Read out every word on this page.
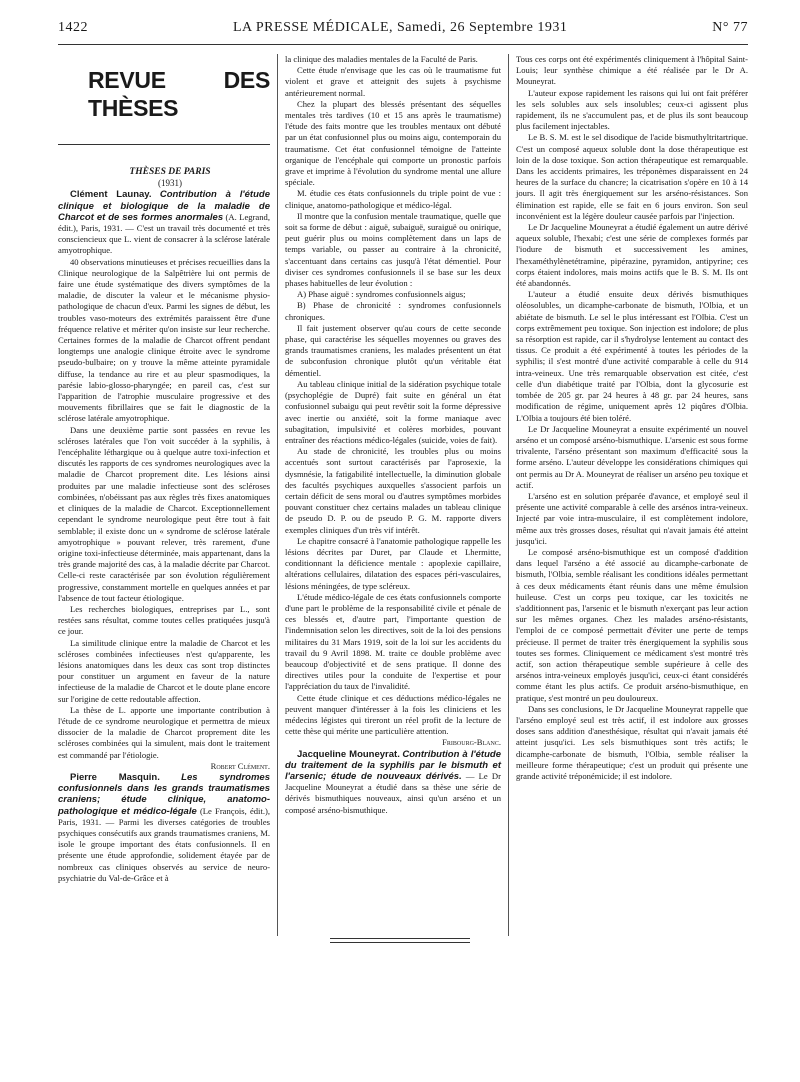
1422	LA PRESSE MÉDICALE, Samedi, 26 Septembre 1931	N° 77
REVUE DES THÈSES

THÈSES DE PARIS

(1931)

Clément Launay. Contribution à l'étude clinique et biologique de la maladie de Charcot et de ses formes anormales (A. Legrand, édit.), Paris, 1931. — C'est un travail très documenté et très consciencieux que L. vient de consacrer à la sclérose latérale amyotrophique.

40 observations minutieuses et précises recueillies dans la Clinique neurologique de la Salpêtrière lui ont permis de faire une étude systématique des divers symptômes de la maladie, de discuter la valeur et le mécanisme physio-pathologique de chacun d'eux. Parmi les signes de début, les troubles vaso-moteurs des extrémités paraissent être d'une fréquence relative et mériter qu'on insiste sur leur recherche. Certaines formes de la maladie de Charcot offrent pendant longtemps une analogie clinique étroite avec le syndrome pseudo-bulbaire; on y trouve la même atteinte pyramidale diffuse, la tendance au rire et au pleur spasmodiques, la parésie labio-glosso-pharyngée; en pareil cas, c'est sur l'apparition de l'atrophie musculaire progressive et des mouvements fibrillaires que se fait le diagnostic de la sclérose latérale amyotrophique.

Dans une deuxième partie sont passées en revue les scléroses latérales que l'on voit succéder à la syphilis, à l'encéphalite léthargique ou à quelque autre toxi-infection et discutés les rapports de ces syndromes neurologiques avec la maladie de Charcot proprement dite. Les lésions ainsi produites par une maladie infectieuse sont des scléroses combinées, n'obéissant pas aux règles très fixes anatomiques et cliniques de la maladie de Charcot. Exceptionnellement cependant le syndrome neurologique peut être tout à fait semblable; il existe donc un « syndrome de sclérose latérale amyotrophique » pouvant relever, très rarement, d'une origine toxi-infectieuse déterminée, mais appartenant, dans la très grande majorité des cas, à la maladie décrite par Charcot. Celle-ci reste caractérisée par son évolution régulièrement progressive, constamment mortelle en quelques années et par l'absence de tout facteur étiologique.

Les recherches biologiques, entreprises par L., sont restées sans résultat, comme toutes celles pratiquées jusqu'à ce jour.

La similitude clinique entre la maladie de Charcot et les scléroses combinées infectieuses n'est qu'apparente, les lésions anatomiques dans les deux cas sont trop distinctes pour constituer un argument en faveur de la nature infectieuse de la maladie de Charcot et le doute plane encore sur l'origine de cette redoutable affection.

La thèse de L. apporte une importante contribution à l'étude de ce syndrome neurologique et permettra de mieux dissocier de la maladie de Charcot proprement dite les scléroses combinées qui la simulent, mais dont le traitement est commandé par l'étiologie.

Robert Clément.

Pierre Masquin. Les syndromes confusionnels dans les grands traumatismes craniens; étude clinique, anatomo-pathologique et médico-légale (Le François, édit.), Paris, 1931. — Parmi les diverses catégories de troubles psychiques consécutifs aux grands traumatismes craniens, M. isole le groupe important des états confusionnels. Il en présente une étude approfondie, solidement étayée par de nombreux cas cliniques observés au service de neuro-psychiatrie du Val-de-Grâce et à

la clinique des maladies mentales de la Faculté de Paris.

Cette étude n'envisage que les cas où le traumatisme fut violent et grave et atteignit des sujets à psychisme antérieurement normal.

Chez la plupart des blessés présentant des séquelles mentales très tardives (10 et 15 ans après le traumatisme) l'étude des faits montre que les troubles mentaux ont débuté par un état confusionnel plus ou moins aigu, contemporain du traumatisme. Cet état confusionnel témoigne de l'atteinte organique de l'encéphale qui comporte un pronostic parfois grave et imprime à l'évolution du syndrome mental une allure spéciale.

M. étudie ces états confusionnels du triple point de vue : clinique, anatomo-pathologique et médico-légal.

Il montre que la confusion mentale traumatique, quelle que soit sa forme de début : aiguë, subaiguë, suraiguë ou onirique, peut guérir plus ou moins complètement dans un laps de temps variable, ou passer au contraire à la chronicité, s'accentuant dans certains cas jusqu'à l'état démentiel. Pour diviser ces syndromes confusionnels il se base sur les deux phases habituelles de leur évolution :

A) Phase aiguë : syndromes confusionnels aigus;

B) Phase de chronicité : syndromes confusionnels chroniques.

Il fait justement observer qu'au cours de cette seconde phase, qui caractérise les séquelles moyennes ou graves des grands traumatismes craniens, les malades présentent un état de subconfusion chronique plutôt qu'un véritable état démentiel.

Au tableau clinique initial de la sidération psychique totale (psychoplégie de Dupré) fait suite en général un état confusionnel subaigu qui peut revêtir soit la forme dépressive avec inertie ou anxiété, soit la forme maniaque avec subagitation, impulsivité et colères morbides, pouvant entraîner des réactions médico-légales (suicide, voies de fait).

Au stade de chronicité, les troubles plus ou moins accentués sont surtout caractérisés par l'aprosexie, la dysmnésie, la fatigabilité intellectuelle, la diminution globale des facultés psychiques auxquelles s'associent parfois un certain déficit de sens moral ou d'autres symptômes morbides pouvant constituer chez certains malades un tableau clinique de pseudo D. P. ou de pseudo P. G. M. rapporte divers exemples cliniques d'un très vif intérêt.

Le chapitre consacré à l'anatomie pathologique rappelle les lésions décrites par Duret, par Claude et Lhermitte, conditionnant la déficience mentale : apoplexie capillaire, altérations cellulaires, dilatation des espaces péri-vasculaires, lésions méningées, de type scléreux.

L'étude médico-légale de ces états confusionnels comporte d'une part le problème de la responsabilité civile et pénale de ces blessés et, d'autre part, l'importante question de l'indemnisation selon les directives, soit de la loi des pensions militaires du 31 Mars 1919, soit de la loi sur les accidents du travail du 9 Avril 1898. M. traite ce double problème avec beaucoup d'objectivité et de sens pratique. Il donne des directives utiles pour la conduite de l'expertise et pour l'appréciation du taux de l'invalidité.

Cette étude clinique et ces déductions médico-légales ne peuvent manquer d'intéresser à la fois les cliniciens et les médecins légistes qui tireront un réel profit de la lecture de cette thèse qui mérite une particulière attention.

Fribourg-Blanc.

Jacqueline Mouneyrat. Contribution à l'étude du traitement de la syphilis par le bismuth et l'arsenic; étude de nouveaux dérivés. — Le Dr Jacqueline Mouneyrat a étudié dans sa thèse une série de dérivés bismuthiques nouveaux, ainsi qu'un arséno et un composé arséno-bismuthique.

Tous ces corps ont été expérimentés cliniquement à l'hôpital Saint-Louis; leur synthèse chimique a été réalisée par le Dr A. Mouneyrat.

L'auteur expose rapidement les raisons qui lui ont fait préférer les sels solubles aux sels insolubles; ceux-ci agissent plus rapidement, ils ne s'accumulent pas, et de plus ils sont beaucoup plus facilement injectables.

Le B. S. M. est le sel disodique de l'acide bismuthyltritartrique. C'est un composé aqueux soluble dont la dose thérapeutique est loin de la dose toxique. Son action thérapeutique est remarquable. Dans les accidents primaires, les tréponèmes disparaissent en 24 heures de la surface du chancre; la cicatrisation s'opère en 10 à 14 jours. Il agit très énergiquement sur les arséno-résistances. Son élimination est rapide, elle se fait en 6 jours environ. Son seul inconvénient est la légère douleur causée parfois par l'injection.

Le Dr Jacqueline Mouneyrat a étudié également un autre dérivé aqueux soluble, l'hexabi; c'est une série de complexes formés par l'iodure de bismuth et successivement les amines, l'hexaméthylènetétramine, pipérazine, pyramidon, antipyrine; ces corps étaient indolores, mais moins actifs que le B. S. M. Ils ont été abandonnés.

L'auteur a étudié ensuite deux dérivés bismuthiques oléosolubles, un dicamphe-carbonate de bismuth, l'Olbia, et un abiétate de bismuth. Le sel le plus intéressant est l'Olbia. C'est un corps extrêmement peu toxique. Son injection est indolore; de plus sa résorption est rapide, car il s'hydrolyse lentement au contact des tissus. Ce produit a été expérimenté à toutes les périodes de la syphilis; il s'est montré d'une activité comparable à celle du 914 intra-veineux. Une très remarquable observation est citée, c'est celle d'un diabétique traité par l'Olbia, dont la glycosurie est tombée de 205 gr. par 24 heures à 48 gr. par 24 heures, sans modification de régime, uniquement après 12 piqûres d'Olbia. L'Olbia a toujours été bien toléré.

Le Dr Jacqueline Mouneyrat a ensuite expérimenté un nouvel arséno et un composé arséno-bismuthique. L'arsenic est sous forme trivalente, l'arséno présentant son maximum d'efficacité sous la forme arséno. L'auteur développe les considérations chimiques qui ont permis au Dr A. Mouneyrat de réaliser un arséno peu toxique et actif.

L'arséno est en solution préparée d'avance, et employé seul il présente une activité comparable à celle des arsénos intra-veineux. Injecté par voie intra-musculaire, il est complètement indolore, même aux très grosses doses, résultat qui n'avait jamais été atteint jusqu'ici.

Le composé arséno-bismuthique est un composé d'addition dans lequel l'arséno a été associé au dicamphe-carbonate de bismuth, l'Olbia, semble réalisant les conditions idéales permettant à ces deux médicaments étant réunis dans une même émulsion huileuse. C'est un corps peu toxique, car les toxicités ne s'additionnent pas, l'arsenic et le bismuth n'exerçant pas leur action sur les mêmes organes. Chez les malades arséno-résistants, l'emploi de ce composé permettait d'éviter une perte de temps précieuse. Il permet de traiter très énergiquement la syphilis sous toutes ses formes. Cliniquement ce médicament s'est montré très actif, son action thérapeutique semble supérieure à celle des arsénos intra-veineux employés jusqu'ici, ceux-ci étant considérés comme étant les plus actifs. Ce produit arséno-bismuthique, en pratique, s'est montré un peu douloureux.

Dans ses conclusions, le Dr Jacqueline Mouneyrat rappelle que l'arséno employé seul est très actif, il est indolore aux grosses doses sans addition d'anesthésique, résultat qui n'avait jamais été atteint jusqu'ici. Les sels bismuthiques sont très actifs; le dicamphe-carbonate de bismuth, l'Olbia, semble réaliser la meilleure forme thérapeutique; c'est un produit qui présente une grande activité tréponémicide; il est indolore.
